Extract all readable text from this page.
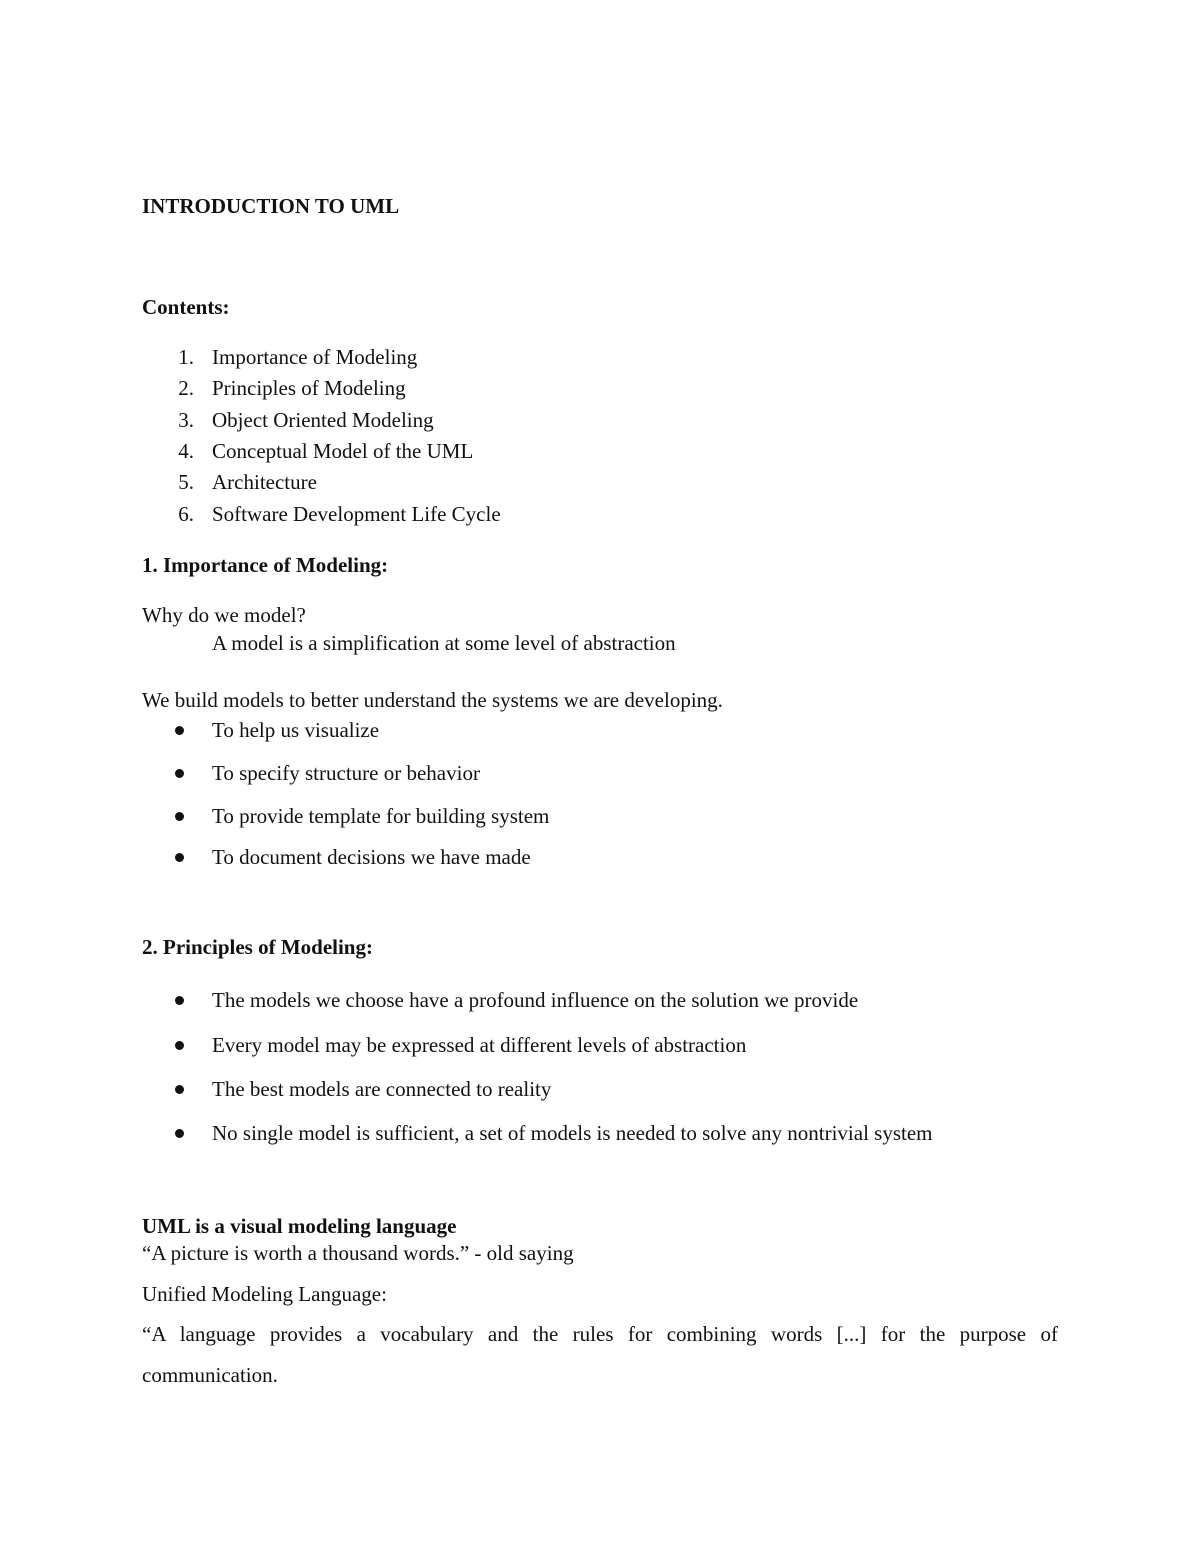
INTRODUCTION TO UML
Contents:
1. Importance of Modeling
2. Principles of Modeling
3. Object Oriented Modeling
4. Conceptual Model of the UML
5. Architecture
6. Software Development Life Cycle
1. Importance of Modeling:
Why do we model?
A model is a simplification at some level of abstraction
We build models to better understand the systems we are developing.
To help us visualize
To specify structure or behavior
To provide template for building system
To document decisions we have made
2. Principles of Modeling:
The models we choose have a profound influence on the solution we provide
Every model may be expressed at different levels of abstraction
The best models are connected to reality
No single model is sufficient, a set of models is needed to solve any nontrivial system
UML is a visual modeling language
“A picture is worth a thousand words.” - old saying
Unified Modeling Language:
“A language provides a vocabulary and the rules for combining words [...] for the purpose of
communication.
